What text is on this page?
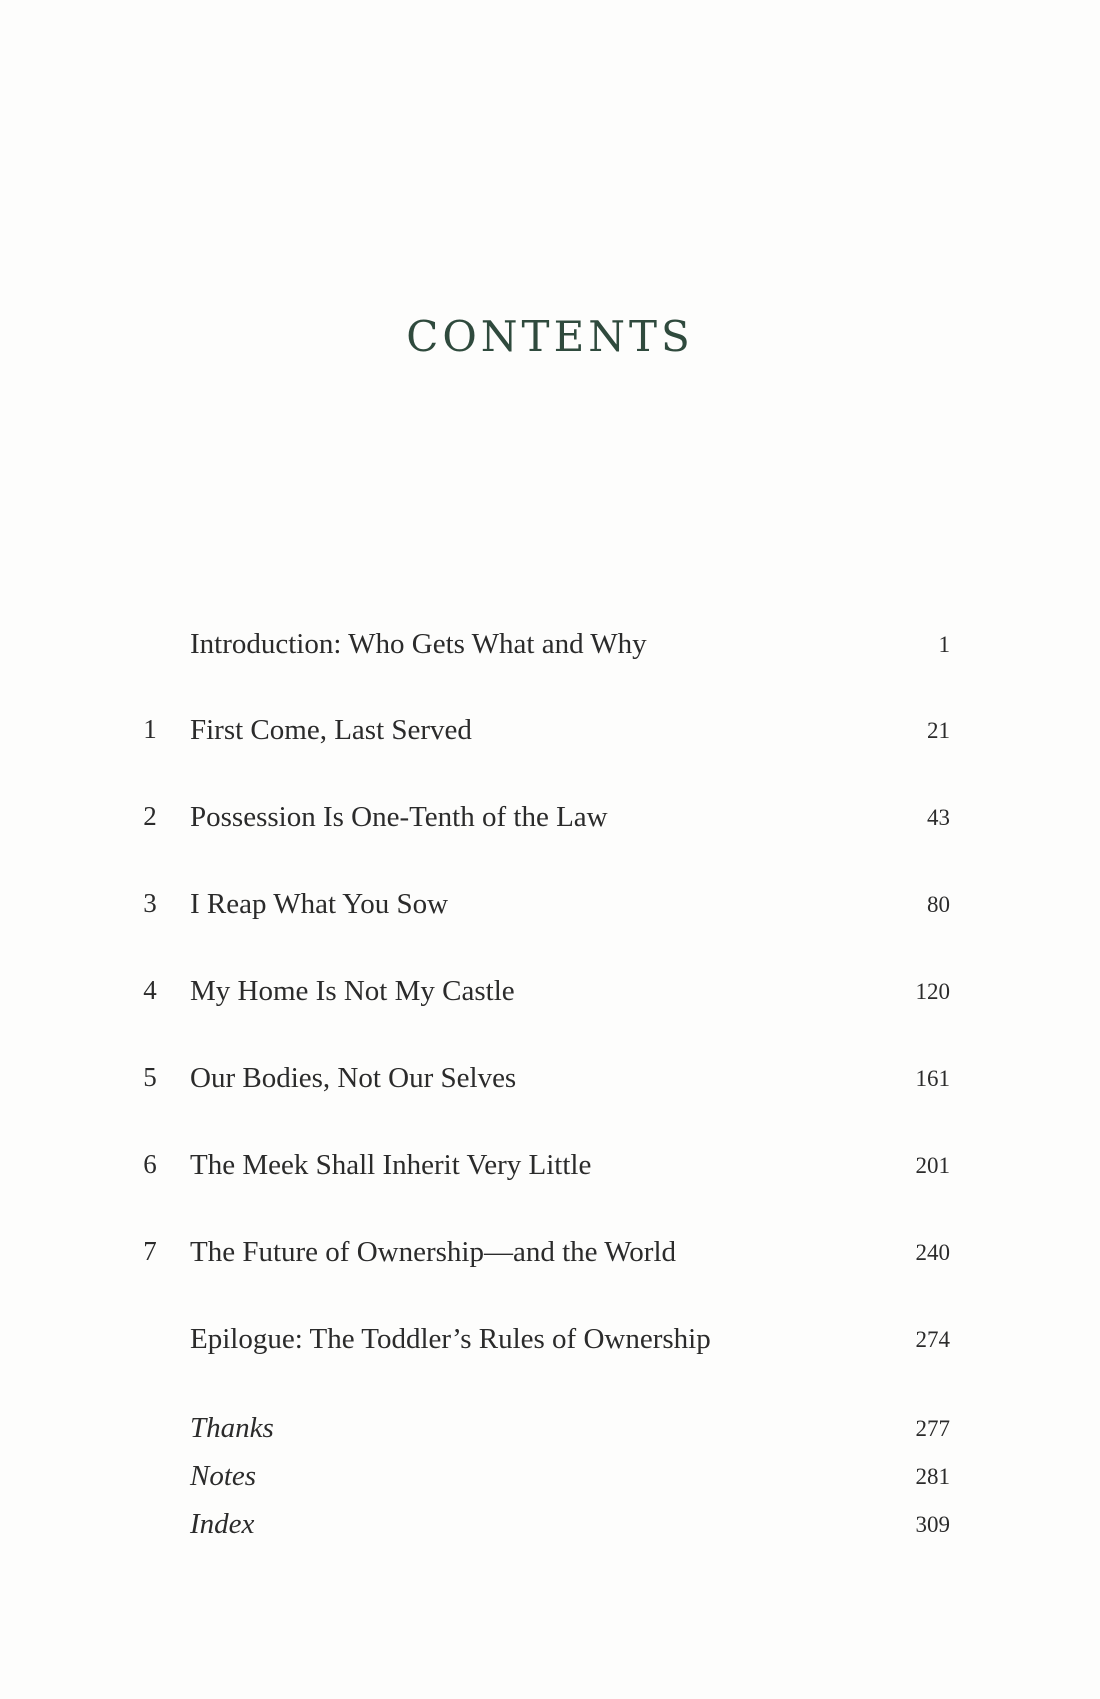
CONTENTS
Introduction: Who Gets What and Why	1
1	First Come, Last Served	21
2	Possession Is One-Tenth of the Law	43
3	I Reap What You Sow	80
4	My Home Is Not My Castle	120
5	Our Bodies, Not Our Selves	161
6	The Meek Shall Inherit Very Little	201
7	The Future of Ownership—and the World	240
Epilogue: The Toddler’s Rules of Ownership	274
Thanks	277
Notes	281
Index	309
